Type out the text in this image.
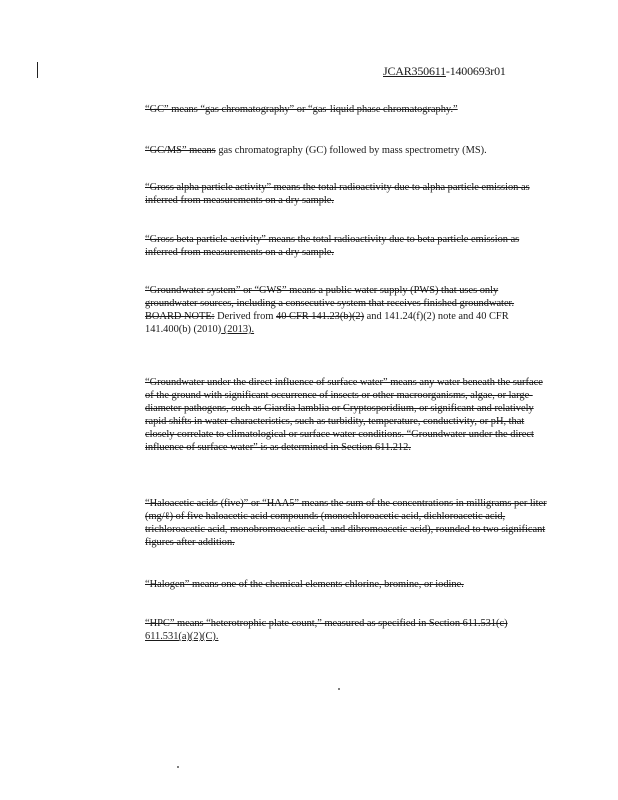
JCAR350611-1400693r01

“GC” means “gas chromatography” or “gas-liquid phase chromatography.”

“GC/MS” means gas chromatography (GC) followed by mass spectrometry (MS).

“Gross alpha particle activity” means the total radioactivity due to alpha particle emission as inferred from measurements on a dry sample.

“Gross beta particle activity” means the total radioactivity due to beta particle emission as inferred from measurements on a dry sample.

“Groundwater system” or “GWS” means a public water supply (PWS) that uses only groundwater sources, including a consecutive system that receives finished groundwater.

BOARD NOTE: Derived from 40 CFR 141.23(b)(2) and 141.24(f)(2) note and 40 CFR 141.400(b) (2010) (2013).

“Groundwater under the direct influence of surface water” means any water beneath the surface of the ground with significant occurrence of insects or other macroorganisms, algae, or large-diameter pathogens, such as Giardia lamblia or Cryptosporidium, or significant and relatively rapid shifts in water characteristics, such as turbidity, temperature, conductivity, or pH, that closely correlate to climatological or surface water conditions. “Groundwater under the direct influence of surface water” is as determined in Section 611.212.

“Haloacetic acids (five)” or “HAA5” means the sum of the concentrations in milligrams per liter (mg/ℓ) of five haloacetic acid compounds (monochloroacetic acid, dichloroacetic acid, trichloroacetic acid, monobromoacetic acid, and dibromoacetic acid), rounded to two significant figures after addition.

“Halogen” means one of the chemical elements chlorine, bromine, or iodine.

“HPC” means “heterotrophic plate count,” measured as specified in Section 611.531(c) 611.531(a)(2)(C).
